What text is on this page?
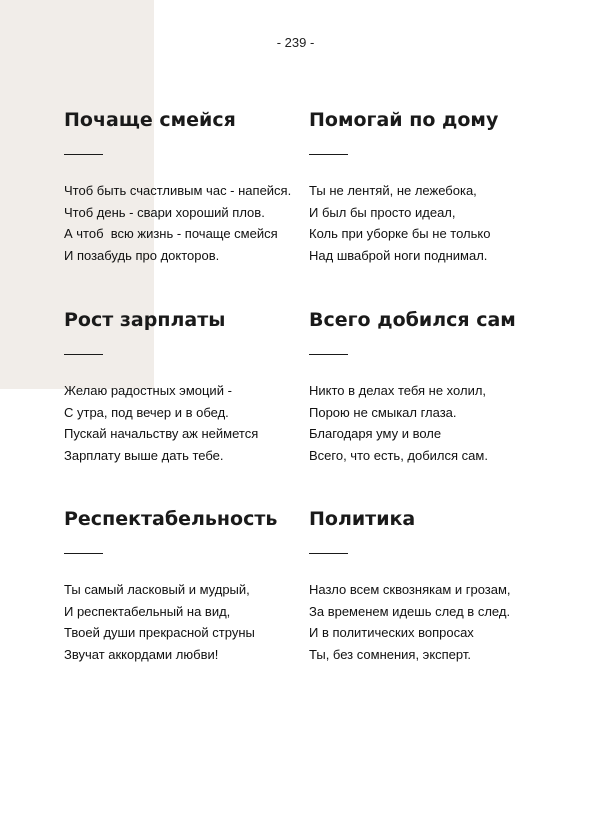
- 239 -
Почаще смейся
Чтоб быть счастливым час - напейся.
Чтоб день - свари хороший плов.
А чтоб  всю жизнь - почаще смейся
И позабудь про докторов.
Помогай по дому
Ты не лентяй, не лежебока,
И был бы просто идеал,
Коль при уборке бы не только
Над шваброй ноги поднимал.
Рост зарплаты
Желаю радостных эмоций -
С утра, под вечер и в обед.
Пускай начальству аж неймется
Зарплату выше дать тебе.
Всего добился сам
Никто в делах тебя не холил,
Порою не смыкал глаза.
Благодаря уму и воле
Всего, что есть, добился сам.
Респектабельность
Ты самый ласковый и мудрый,
И респектабельный на вид,
Твоей души прекрасной струны
Звучат аккордами любви!
Политика
Назло всем сквознякам и грозам,
За временем идешь след в след.
И в политических вопросах
Ты, без сомнения, эксперт.
